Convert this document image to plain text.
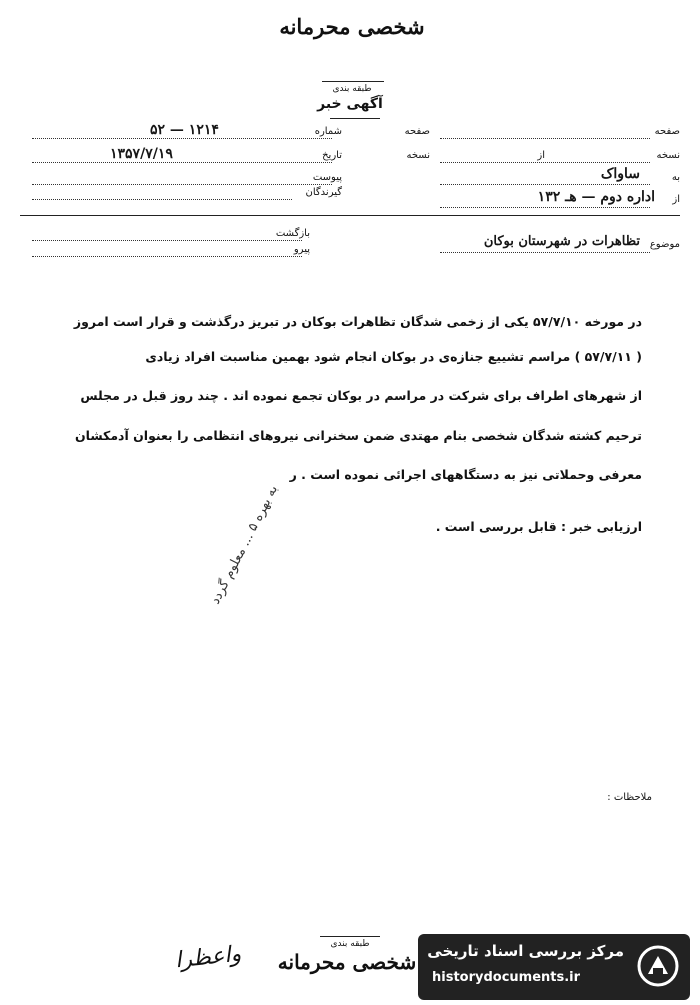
شخصی محرمانه
طبقه بندی
آگهی خبر
شماره
۱۲۱۴ — ۵۲
تاریخ
۱۳۵۷/۷/۱۹
پیوست
گیرندگان
صفحه
صفحه
نسخه
از
نسخه
به
ساواک
از
اداره دوم — هـ ۱۳۲
بازگشت
پیرو	موضوع
تظاهرات در شهرستان بوکان
در مورخه ۵۷/۷/۱۰ یکی از زخمی شدگان تظاهرات بوکان در تبریز درگذشت و قرار است امروز
( ۵۷/۷/۱۱ ) مراسم تشییع جنازه‌ی در بوکان انجام شود بهمین مناسبت افراد زیادی
از شهرهای اطراف برای شرکت در مراسم در بوکان تجمع نموده اند . چند روز قبل در مجلس
ترحیم کشته شدگان شخصی بنام مهتدی ضمن سخنرانی نیروهای انتظامی را بعنوان آدمکشان
معرفی وحملاتی نیز به دستگاههای اجرائی نموده است . ر
ارزیابی خبر : قابل بررسی است .
به بهره ۵ ... معلوم گردد
ملاحظات :
طبقه بندی
شخصی محرمانه
واعظرا	مرکز بررسی اسناد تاریخی
historydocuments.ir
